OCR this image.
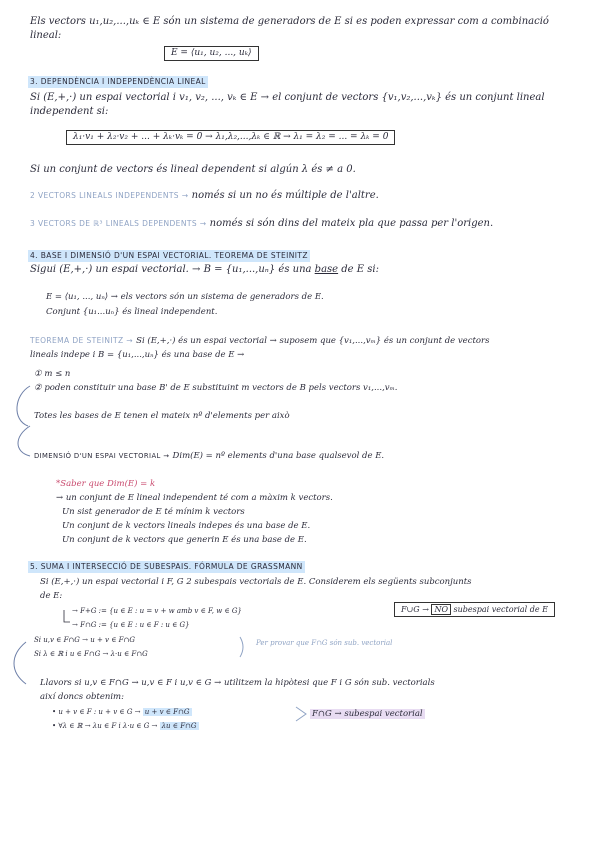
Els vectors u₁,u₂,...,uₖ ∈ E són un sistema de generadors de E si es poden expressar com a combinació
lineal:
E = ⟨u₁, u₂, ..., uₖ⟩
3. DEPENDÈNCIA I INDEPENDÈNCIA LINEAL
Si (E,+,·) un espai vectorial i v₁, v₂, ..., vₖ ∈ E → el conjunt de vectors {v₁,v₂,...,vₖ} és un conjunt lineal
independent si:
λ₁·v₁ + λ₂·v₂ + ... + λₖ·vₖ = 0 → λ₁,λ₂,...,λₖ ∈ ℝ → λ₁ = λ₂ = ... = λₖ = 0
Si un conjunt de vectors és lineal dependent si algún λ és ≠ a 0.
2 VECTORS LINEALS INDEPENDENTS → només si un no és múltiple de l'altre.
3 VECTORS DE ℝ³ LINEALS DEPENDENTS → només si són dins del mateix pla que passa per l'origen.
4. BASE I DIMENSIÓ D'UN ESPAI VECTORIAL. TEOREMA DE STEINITZ
Sigui (E,+,·) un espai vectorial. → B = {u₁,...,uₙ} és una base de E si:
E = ⟨u₁, ..., uₙ⟩ → els vectors són un sistema de generadors de E.
Conjunt {u₁...uₙ} és lineal independent.
TEOREMA DE STEINITZ → Si (E,+,·) és un espai vectorial → suposem que {v₁,...,vₘ} és un conjunt de vectors
lineals indepe i B = {u₁,...,uₙ} és una base de E →
① m ≤ n
② poden constituir una base B' de E substituint m vectors de B pels vectors v₁,...,vₘ.
Totes les bases de E tenen el mateix nº d'elements per això
DIMENSIÓ D'UN ESPAI VECTORIAL → Dim(E) = nº elements d'una base qualsevol de E.
*Saber que Dim(E) = k
→ un conjunt de E lineal independent té com a màxim k vectors.
Un sist generador de E té mínim k vectors
Un conjunt de k vectors lineals indepes és una base de E.
Un conjunt de k vectors que generin E és una base de E.
5. SUMA I INTERSECCIÓ DE SUBESPAIS. FÓRMULA DE GRASSMANN
Si (E,+,·) un espai vectorial i F, G 2 subespais vectorials de E. Considerem els següents subconjunts
de E:
→ F+G := {u ∈ E : u = v + w amb v ∈ F, w ∈ G}
→ F∩G := {u ∈ E : u ∈ F : u ∈ G}
F∪G → NO subespai vectorial de E
Si u,v ∈ F∩G → u + v ∈ F∩G
Si λ ∈ ℝ i u ∈ F∩G → λ·u ∈ F∩G
Per provar que F∩G són sub. vectorial
Llavors si u,v ∈ F∩G → u,v ∈ F i u,v ∈ G → utilitzem la hipòtesi que F i G són sub. vectorials
així doncs obtenim:
• u + v ∈ F : u + v ∈ G → u + v ∈ F∩G
• ∀λ ∈ ℝ → λu ∈ F i λ·u ∈ G → λu ∈ F∩G
F∩G → subespai vectorial
